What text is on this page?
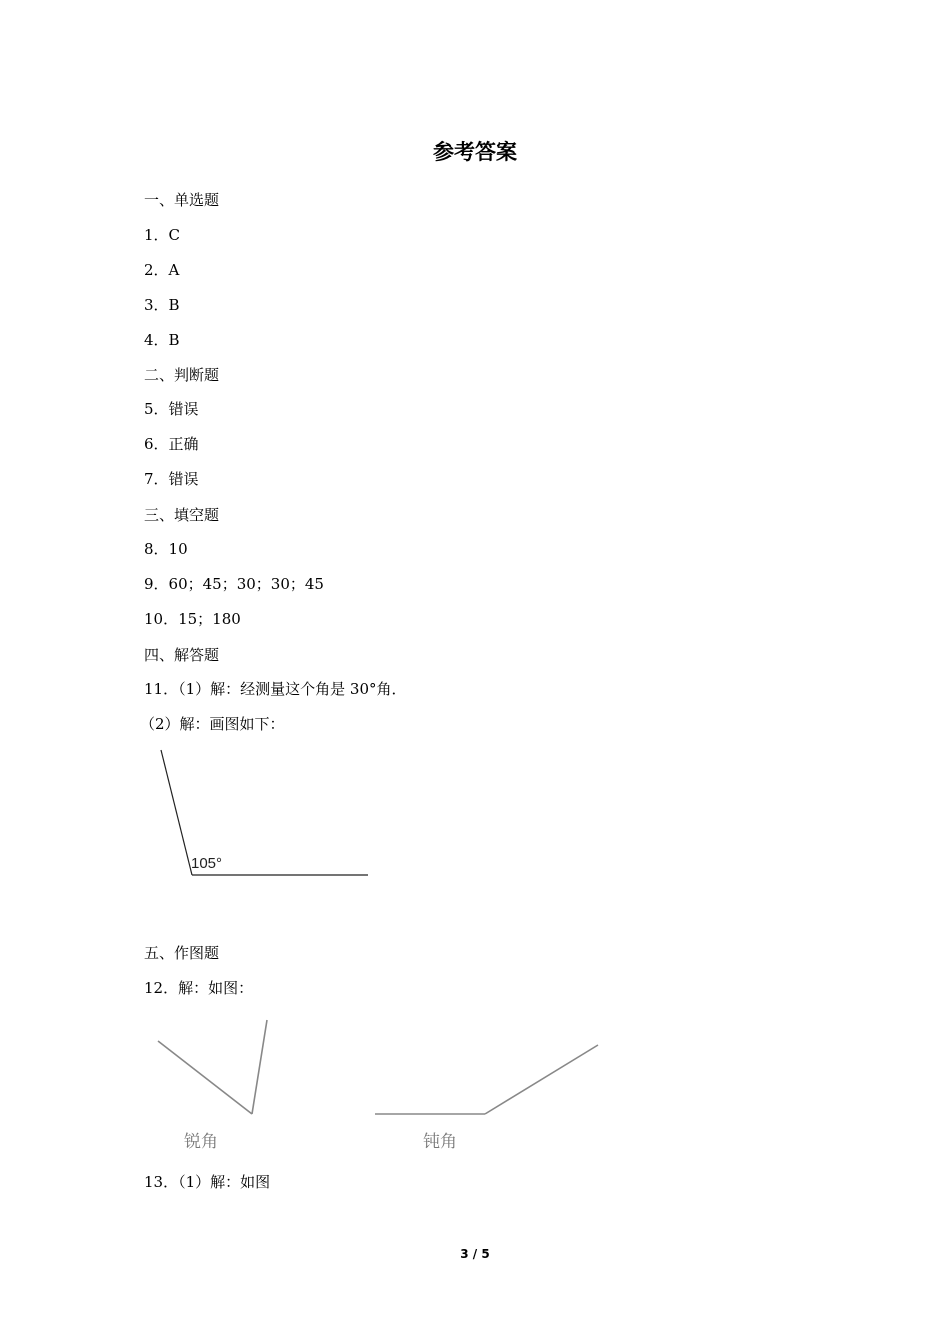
参考答案
一、单选题
1．C
2．A
3．B
4．B
二、判断题
5．错误
6．正确
7．错误
三、填空题
8．10
9．60；45；30；30；45
10．15；180
四、解答题
11．（1）解：经测量这个角是 30°角．
（2）解：画图如下：
105°
五、作图题
12．解：如图：
锐角	钝角
13．（1）解：如图
3 / 5
